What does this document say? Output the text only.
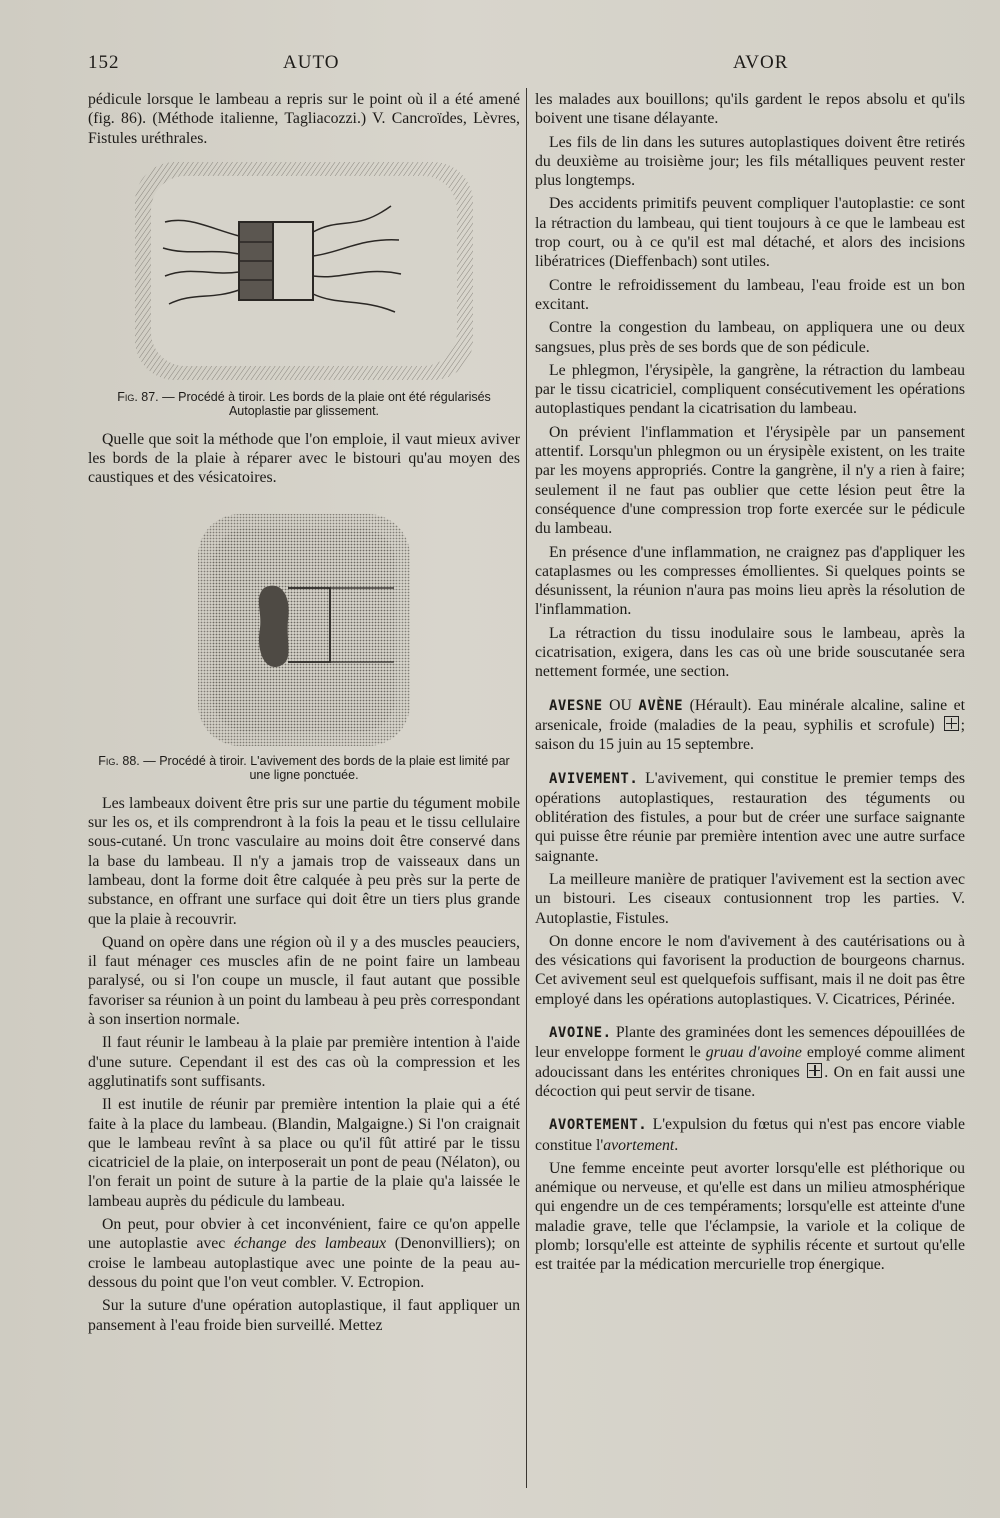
152	AUTO	AVOR

pédicule lorsque le lambeau a repris sur le point où il a été amené (fig. 86). (Méthode italienne, Tagliacozzi.) V. Cancroïdes, Lèvres, Fistules uréthrales.

Fig. 87. — Procédé à tiroir. Les bords de la plaie ont été régularisés Autoplastie par glissement.

Quelle que soit la méthode que l'on emploie, il vaut mieux aviver les bords de la plaie à réparer avec le bistouri qu'au moyen des caustiques et des vésicatoires.

Fig. 88. — Procédé à tiroir. L'avivement des bords de la plaie est limité par une ligne ponctuée.

Les lambeaux doivent être pris sur une partie du tégument mobile sur les os, et ils comprendront à la fois la peau et le tissu cellulaire sous-cutané. Un tronc vasculaire au moins doit être conservé dans la base du lambeau. Il n'y a jamais trop de vaisseaux dans un lambeau, dont la forme doit être calquée à peu près sur la perte de substance, en offrant une surface qui doit être un tiers plus grande que la plaie à recouvrir.

Quand on opère dans une région où il y a des muscles peauciers, il faut ménager ces muscles afin de ne point faire un lambeau paralysé, ou si l'on coupe un muscle, il faut autant que possible favoriser sa réunion à un point du lambeau à peu près correspondant à son insertion normale.

Il faut réunir le lambeau à la plaie par première intention à l'aide d'une suture. Cependant il est des cas où la compression et les agglutinatifs sont suffisants.

Il est inutile de réunir par première intention la plaie qui a été faite à la place du lambeau. (Blandin, Malgaigne.) Si l'on craignait que le lambeau revînt à sa place ou qu'il fût attiré par le tissu cicatriciel de la plaie, on interposerait un pont de peau (Nélaton), ou l'on ferait un point de suture à la partie de la plaie qu'a laissée le lambeau auprès du pédicule du lambeau.

On peut, pour obvier à cet inconvénient, faire ce qu'on appelle une autoplastie avec échange des lambeaux (Denonvilliers); on croise le lambeau autoplastique avec une pointe de la peau au-dessous du point que l'on veut combler. V. Ectropion.

Sur la suture d'une opération autoplastique, il faut appliquer un pansement à l'eau froide bien surveillé. Mettez

les malades aux bouillons; qu'ils gardent le repos absolu et qu'ils boivent une tisane délayante.

Les fils de lin dans les sutures autoplastiques doivent être retirés du deuxième au troisième jour; les fils métalliques peuvent rester plus longtemps.

Des accidents primitifs peuvent compliquer l'autoplastie: ce sont la rétraction du lambeau, qui tient toujours à ce que le lambeau est trop court, ou à ce qu'il est mal détaché, et alors des incisions libératrices (Dieffenbach) sont utiles.

Contre le refroidissement du lambeau, l'eau froide est un bon excitant.

Contre la congestion du lambeau, on appliquera une ou deux sangsues, plus près de ses bords que de son pédicule.

Le phlegmon, l'érysipèle, la gangrène, la rétraction du lambeau par le tissu cicatriciel, compliquent consécutivement les opérations autoplastiques pendant la cicatrisation du lambeau.

On prévient l'inflammation et l'érysipèle par un pansement attentif. Lorsqu'un phlegmon ou un érysipèle existent, on les traite par les moyens appropriés. Contre la gangrène, il n'y a rien à faire; seulement il ne faut pas oublier que cette lésion peut être la conséquence d'une compression trop forte exercée sur le pédicule du lambeau.

En présence d'une inflammation, ne craignez pas d'appliquer les cataplasmes ou les compresses émollientes. Si quelques points se désunissent, la réunion n'aura pas moins lieu après la résolution de l'inflammation.

La rétraction du tissu inodulaire sous le lambeau, après la cicatrisation, exigera, dans les cas où une bride souscutanée sera nettement formée, une section.

AVESNE OU AVÈNE (Hérault). Eau minérale alcaline, saline et arsenicale, froide (maladies de la peau, syphilis et scrofule) ; saison du 15 juin au 15 septembre.

AVIVEMENT. L'avivement, qui constitue le premier temps des opérations autoplastiques, restauration des téguments ou oblitération des fistules, a pour but de créer une surface saignante qui puisse être réunie par première intention avec une autre surface saignante.

La meilleure manière de pratiquer l'avivement est la section avec un bistouri. Les ciseaux contusionnent trop les parties. V. Autoplastie, Fistules.

On donne encore le nom d'avivement à des cautérisations ou à des vésications qui favorisent la production de bourgeons charnus. Cet avivement seul est quelquefois suffisant, mais il ne doit pas être employé dans les opérations autoplastiques. V. Cicatrices, Périnée.

AVOINE. Plante des graminées dont les semences dépouillées de leur enveloppe forment le gruau d'avoine employé comme aliment adoucissant dans les entérites chroniques . On en fait aussi une décoction qui peut servir de tisane.

AVORTEMENT. L'expulsion du fœtus qui n'est pas encore viable constitue l'avortement.

Une femme enceinte peut avorter lorsqu'elle est pléthorique ou anémique ou nerveuse, et qu'elle est dans un milieu atmosphérique qui engendre un de ces tempéraments; lorsqu'elle est atteinte d'une maladie grave, telle que l'éclampsie, la variole et la colique de plomb; lorsqu'elle est atteinte de syphilis récente et surtout qu'elle est traitée par la médication mercurielle trop énergique.
